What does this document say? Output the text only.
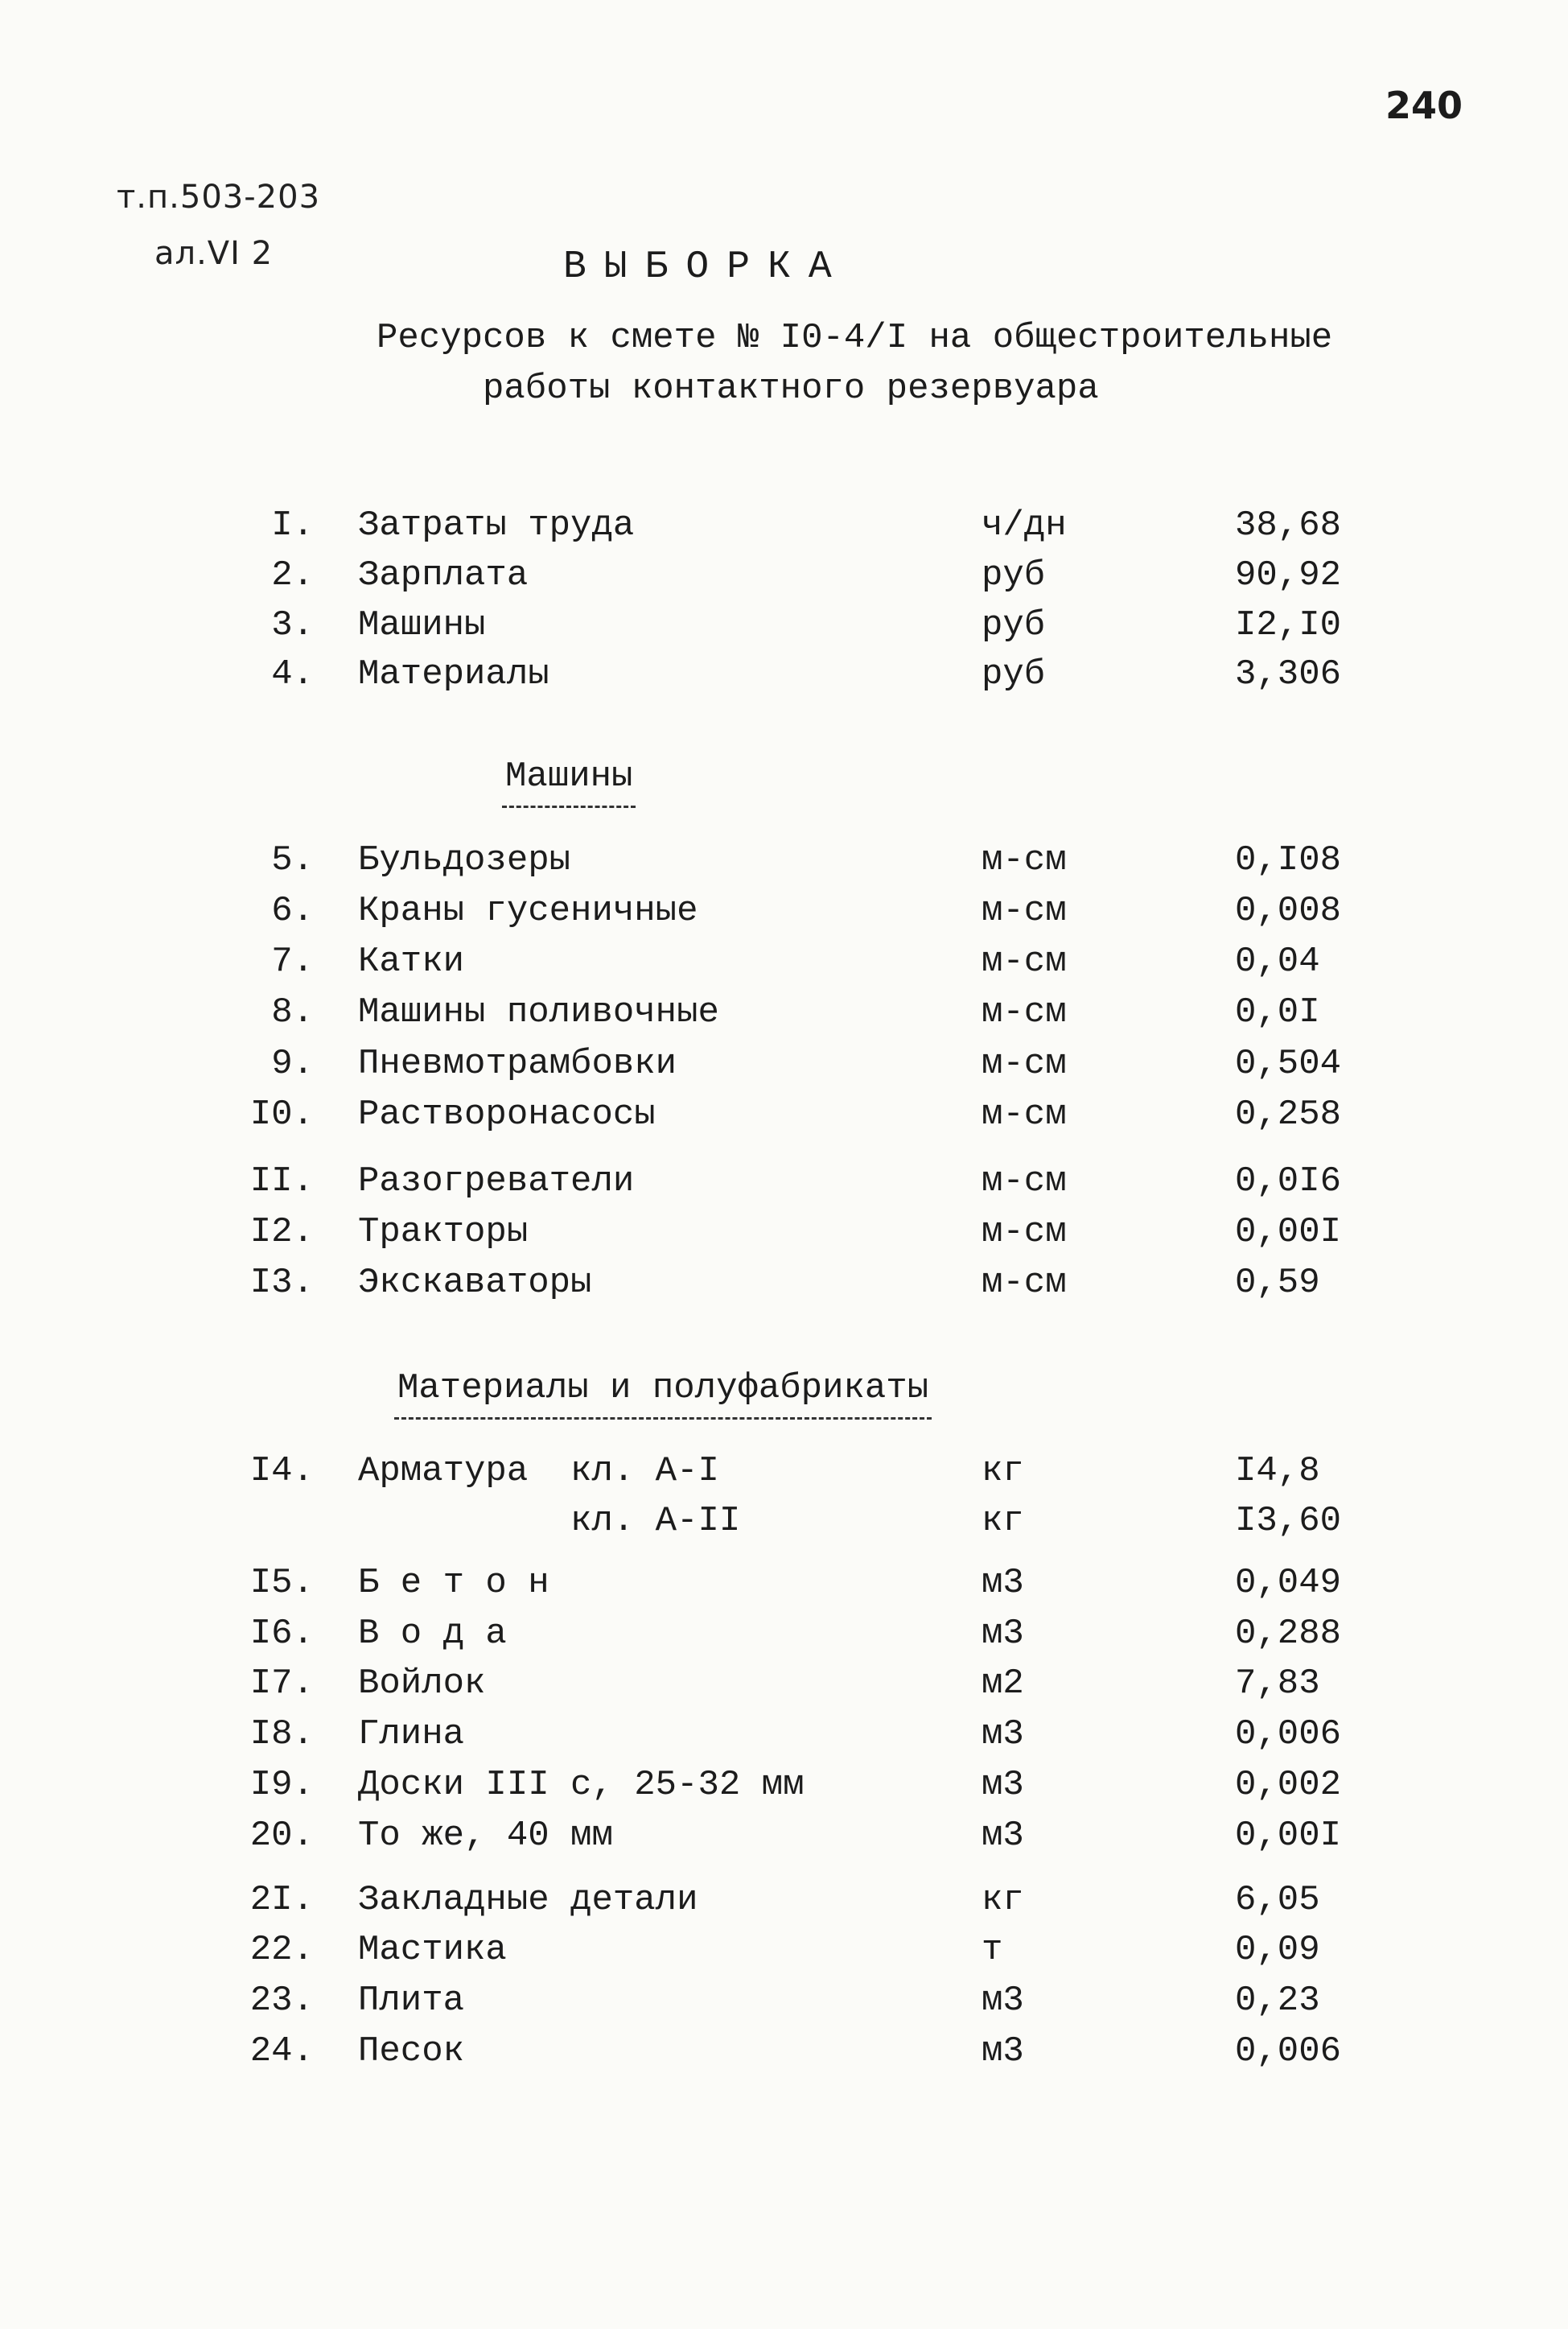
240
т.п.503-203
ал.VI 2	ВЫБОРКА
Ресурсов к смете № I0-4/I на общестроительные
работы контактного резервуара
I. Затраты труда	ч/дн	38,68
2. Зарплата	руб	90,92
3. Машины	руб	I2,I0
4. Материалы	руб	3,306
Машины
5. Бульдозеры	м-см	0,I08
6. Краны гусеничные	м-см	0,008
7. Катки	м-см	0,04
8. Машины поливочные	м-см	0,0I
9. Пневмотрамбовки	м-см	0,504
I0. Растворонасосы	м-см	0,258
II. Разогреватели	м-см	0,0I6
I2. Тракторы	м-см	0,00I
I3. Экскаваторы	м-см	0,59
Материалы и полуфабрикаты
I4. Арматура  кл. А-I	кг	I4,8
кл. А-II	кг	I3,60
I5. Б е т о н	м3	0,049
I6. В о д а	м3	0,288
I7. Войлок	м2	7,83
I8. Глина	м3	0,006
I9. Доски III с, 25-32 мм	м3	0,002
20. То же, 40 мм	м3	0,00I
2I. Закладные детали	кг	6,05
22. Мастика	т	0,09
23. Плита	м3	0,23
24. Песок	м3	0,006
